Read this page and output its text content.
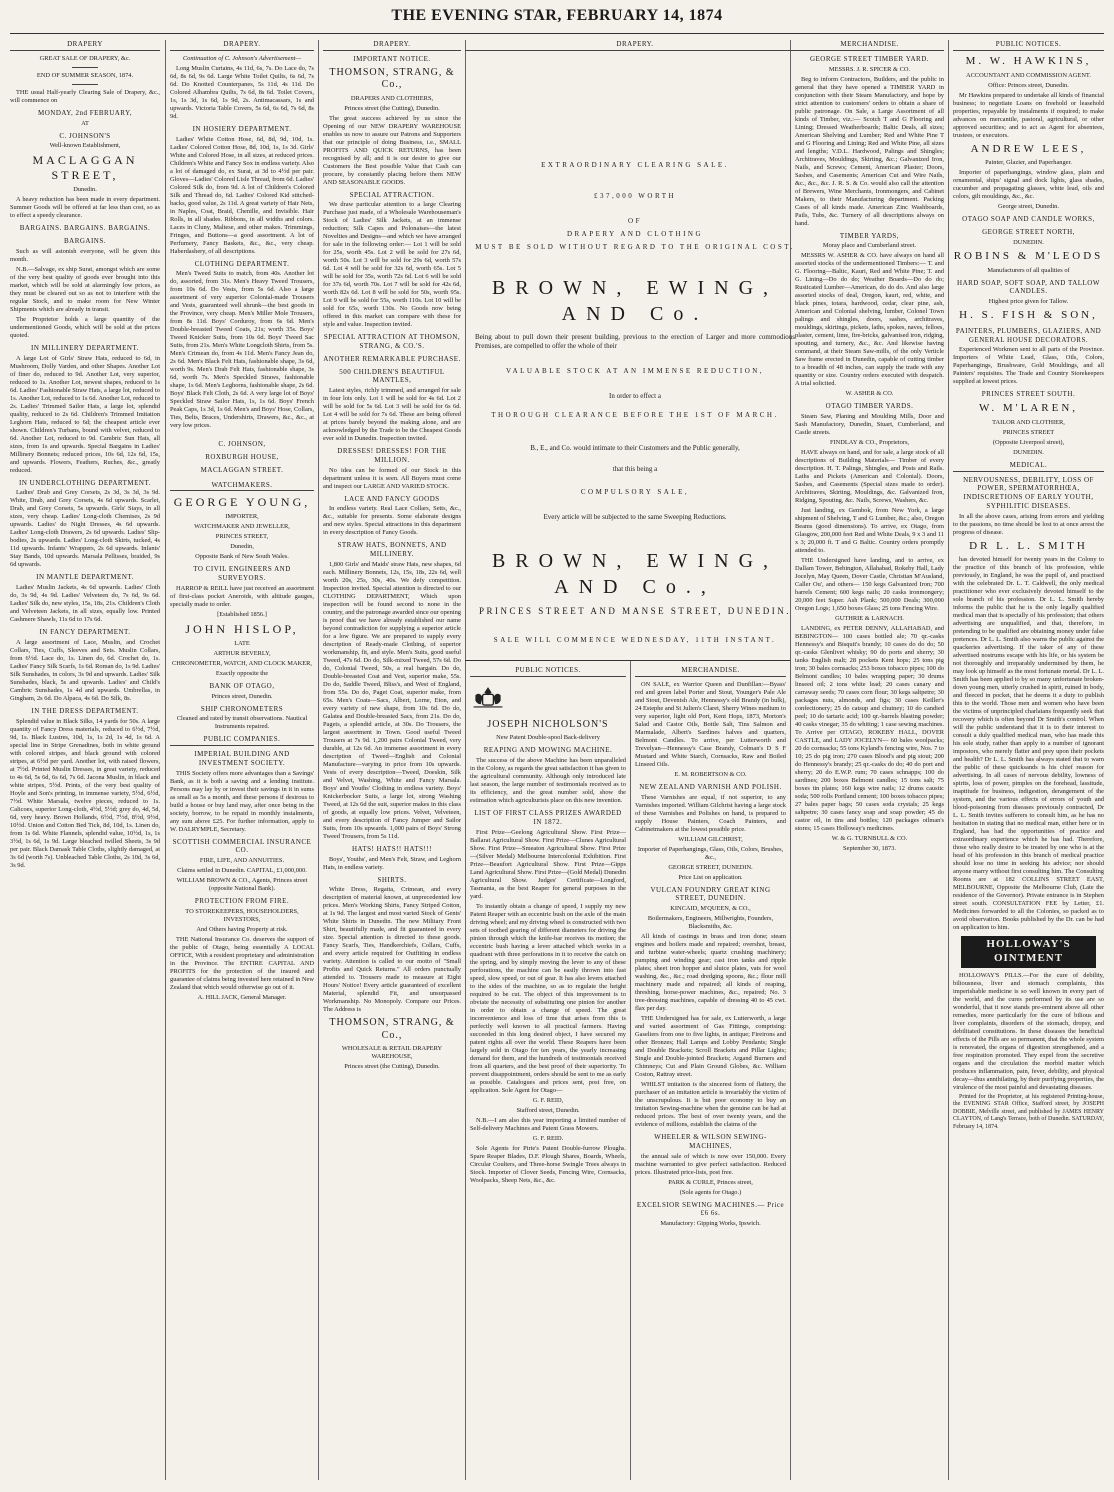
THE EVENING STAR, FEBRUARY 14, 1874
DRAPERY

GREAT SALE OF DRAPERY, &c.

END OF SUMMER SEASON, 1874.

THE usual Half-yearly Clearing Sale of Drapery, &c., will commence on

MONDAY, 2nd FEBRUARY,

AT

C. JOHNSON'S

Well-known Establishment,

MACLAGGAN STREET,

Dunedin.

A heavy reduction has been made in every department. Summer Goods will be offered at far less than cost, so as to effect a speedy clearance.

BARGAINS. BARGAINS. BARGAINS.
BARGAINS.

Such as will astonish everyone, will be given this month.

N.B.—Salvage, ex ship Surat, amongst which are some of the very best quality of goods ever brought into this market, which will be sold at alarmingly low prices, as they must be cleared out so as not to interfere with the regular Stock, and to make room for New Winter Shipments which are already in transit.

The Proprietor holds a large quantity of the undermentioned Goods, which will be sold at the prices quoted.

IN MILLINERY DEPARTMENT.

A large Lot of Girls' Straw Hats, reduced to 6d, in Mushroom, Dolly Varden, and other Shapes. Another Lot of finer do, reduced to 9d. Another Lot, very superior, reduced to 1s. Another Lot, newest shapes, reduced to 1s 6d. Ladies' Fashionable Straw Hats, a large lot, reduced to 1s. Another Lot, reduced to 1s 6d. Another Lot, reduced to 2s. Ladies' Trimmed Sailor Hats, a large lot, splendid quality, reduced to 2s 6d. Children's Trimmed Imitation Leghorn Hats, reduced to 6d; the cheapest article ever shown. Children's Turbans, bound with velvet, reduced to 6d. Another Lot, reduced to 9d. Cambric Sun Hats, all sizes, from 1s and upwards. Special Bargains in Ladies' Millinery Bonnets; reduced prices, 10s 6d, 12s 6d, 15s, and upwards. Flowers, Feathers, Ruches, &c., greatly reduced.

IN UNDERCLOTHING DEPARTMENT.

Ladies' Drab and Grey Corsets, 2s 3d, 3s 3d, 3s 9d. White, Drab, and Grey Corsets, 4s 6d upwards. Scarlet, Drab, and Grey Corsets, 5s upwards. Girls' Stays, in all sizes, very cheap. Ladies' Long-cloth Chemises, 2s 9d upwards. Ladies' do Night Dresses, 4s 6d upwards. Ladies' Long-cloth Drawers, 2s 6d upwards. Ladies' Slip-bodies, 2s upwards. Ladies' Long-cloth Skirts, tucked, 4s 11d upwards. Infants' Wrappers, 2s 6d upwards. Infants' Stay Bands, 10d upwards. Marsala Pellisses, braided, 9s 6d upwards.

IN MANTLE DEPARTMENT.

Ladies' Muslin Jackets, 4s 6d upwards. Ladies' Cloth do, 3s 9d, 4s 9d. Ladies' Velveteen do, 7s 6d, 9s 6d. Ladies' Silk do, new styles, 15s, 18s, 21s. Children's Cloth and Velveteen Jackets, in all sizes, equally low. Printed Cashmere Shawls, 11s 6d to 17s 6d.

IN FANCY DEPARTMENT.

A large assortment of Lace, Muslin, and Crochet Collars, Ties, Cuffs, Sleeves and Sets. Muslin Collars, from 6½d. Lace do, 1s. Linen do, 6d. Crochet do, 1s. Ladies' Fancy Silk Scarfs, 1s 6d. Roman do, 1s 9d. Ladies' Silk Sunshades, in colors, 3s 9d and upwards. Ladies' Silk Sunshades, black, 5s and upwards. Ladies' and Child's Cambric Sunshades, 1s 4d and upwards. Umbrellas, in Gingham, 2s 6d. Do Alpaca, 4s 6d. Do Silk, 8s.

IN THE DRESS DEPARTMENT.

Splendid value in Black Silks, 14 yards for 50s. A large quantity of Fancy Dress materials, reduced to 6½d, 7½d, 9d, 1s. Black Lustres, 10d, 1s, 1s 2d, 1s 4d, 1s 6d. A special line in Stripe Grenadines, both in white ground with colored stripes, and black ground with colored stripes, at 6½d per yard. Another lot, with raised flowers, at 7½d. Printed Muslin Dresses, in great variety, reduced to 4s 6d, 5s 6d, 6s 6d, 7s 6d. Jacona Muslin, in black and white stripes, 5½d. Prints, of the very best quality of Hoyle and Son's printing, in immense variety, 5½d, 6½d, 7½d. White Marsala, twelve pieces, reduced to 1s. Calicoes, superior Long-cloth, 4½d, 5½d; grey do, 4d, 5d, 6d, very heavy. Brown Hollands, 6½d, 7½d, 8½d, 9½d, 10½d. Union and Cotton Bed Tick, 8d, 10d, 1s. Linen do, from 1s 6d. White Flannels, splendid value, 10½d, 1s, 1s 3½d, 1s 6d, 1s 9d. Large bleached twilled Sheets, 3s 9d per pair. Black Damask Table Cloths, slightly damaged, at 3s 6d (worth 7s). Unbleached Table Cloths, 2s 10d, 3s 6d, 3s 9d.

DRAPERY.

Continuation of C. Johnson's Advertisement—

Long Muslin Curtains, 4s 11d, 6s, 7s. Do Lace do, 7s 6d, 8s 6d, 9s 6d. Large White Toilet Quilts, 6s 6d, 7s 6d. Do Knotted Counterpanes, 5s 11d, 4s 11d. Do Colored Alhambra Quilts, 7s 6d, 8s 6d. Toilet Covers, 1s, 1s 3d, 1s 6d, 1s 9d, 2s. Antimacassars, 1s and upwards. Victoria Table Covers, 5s 6d, 6s 6d, 7s 6d, 8s 9d.

IN HOSIERY DEPARTMENT.

Ladies' White Cotton Hose, 6d, 8d, 9d, 10d, 1s. Ladies' Colored Cotton Hose, 8d, 10d, 1s, 1s 3d. Girls' White and Colored Hose, in all sizes, at reduced prices. Children's White and Fancy Sox in endless variety. Also a lot of damaged do, ex Surat, at 3d to 4½d per pair. Gloves—Ladies' Colored Lisle Thread, from 6d. Ladies' Colored Silk do, from 9d. A lot of Children's Colored Silk and Thread do, 6d. Ladies' Colored Kid stitched-backs, good value, 2s 11d. A great variety of Hair Nets, in Naples, Coat, Braid, Chenille, and Invisible. Hair Rolls, in all shades. Ribbons, in all widths and colors. Laces in Cluny, Maltese, and other makes. Trimmings, Fringes, and Buttons—a good assortment. A lot of Perfumery, Fancy Baskets, &c., &c., very cheap. Haberdashery, of all descriptions.

CLOTHING DEPARTMENT.

Men's Tweed Suits to match, from 40s. Another lot do, assorted, from 31s. Men's Heavy Tweed Trousers, from 10s 6d. Do Vests, from 5s 6d. Also a large assortment of very superior Colonial-made Trousers and Vests, guaranteed well shrunk—the best goods in the Province, very cheap. Men's Miller Mole Trousers, from 8s 11d. Boys' Corduroy, from 6s 6d. Men's Double-breasted Tweed Coats, 21s; worth 35s. Boys' Tweed Knicker Suits, from 10s 6d. Boys' Tweed Sac Suits, from 21s. Men's White Longcloth Shirts, from 5s. Men's Crimean do, from 4s 11d. Men's Fancy Jean do, 2s 6d. Men's Black Felt Hats, fashionable shape, 3s 6d, worth 9s. Men's Drab Felt Hats, fashionable shape, 3s 6d, worth 7s. Men's Speckled Straws, fashionable shape, 1s 6d. Men's Leghorns, fashionable shape, 2s 6d. Boys' Black Felt Cloth, 2s 6d. A very large lot of Boys' Speckled Straw Sailor Hats, 1s, 1s 6d. Boys' French Peak Caps, 1s 3d, 1s 6d. Men's and Boys' Hose, Collars, Ties, Belts, Braces, Undershirts, Drawers, &c., &c., at very low prices.

C. JOHNSON,
ROXBURGH HOUSE,
MACLAGGAN STREET.
WATCHMAKERS.
GEORGE YOUNG,

IMPORTER,

WATCHMAKER AND JEWELLER,

PRINCES STREET,

Dunedin,

Opposite Bank of New South Wales.

TO CIVIL ENGINEERS AND SURVEYORS.

HARROP & REILL have just received an assortment of first-class pocket Aneroids, with altitude gauges, specially made to order.

[Established 1856.]

JOHN HISLOP,

LATE

ARTHUR BEVERLY,

CHRONOMETER, WATCH, AND CLOCK MAKER,

Exactly opposite the

BANK OF OTAGO,

Princes street, Dunedin.

SHIP CHRONOMETERS

Cleaned and rated by transit observations. Nautical Instruments repaired.

PUBLIC COMPANIES.
IMPERIAL BUILDING AND INVESTMENT SOCIETY.

THIS Society offers more advantages than a Savings' Bank, as it is both a saving and a lending institute. Persons may lay by or invest their savings in it in sums as small as 5s a month, and these persons if desirous to build a house or buy land may, after once being in the society, borrow, to be repaid in monthly instalments, any sum above £25. For further information, apply to W. DALRYMPLE, Secretary.

SCOTTISH COMMERCIAL INSURANCE CO.

FIRE, LIFE, AND ANNUITIES.

Claims settled in Dunedin. CAPITAL, £1,000,000.

WILLIAM BROWN & CO., Agents, Princes street (opposite National Bank).

PROTECTION FROM FIRE.

TO STOREKEEPERS, HOUSEHOLDERS, INVESTORS,

And Others having Property at risk.

THE National Insurance Co. deserves the support of the public of Otago, being essentially A LOCAL OFFICE, With a resident proprietary and administration in the Province. The ENTIRE CAPITAL AND PROFITS for the protection of the insured and guarantee of claims being invested here retained in New Zealand that which would otherwise go out of it.

A. HILL JACK, General Manager.

DRAPERY.
IMPORTANT NOTICE.
THOMSON, STRANG, & Co.,

DRAPERS AND CLOTHIERS,

Princes street (the Cutting), Dunedin.

The great success achieved by us since the Opening of our NEW DRAPERY WAREHOUSE enables us now to assure our Patrons and Supporters that our principle of doing Business, i.e., SMALL PROFITS AND QUICK RETURNS, has been recognised by all; and it is our desire to give our Customers the Best possible Value that Cash can procure, by constantly placing before them NEW AND SEASONABLE GOODS.

SPECIAL ATTRACTION.

We draw particular attention to a large Clearing Purchase just made, of a Wholesale Warehouseman's Stock of Ladies' Silk Jackets, at an immense reduction; Silk Capes and Polonaises—the latest Novelties and Designs—and which we have arranged for sale in the following order:— Lot 1 will be sold for 25s, worth 45s. Lot 2 will be sold for 27s 6d, worth 50s. Lot 3 will be sold for 29s 6d, worth 57s 6d. Lot 4 will be sold for 32s 6d, worth 65s. Lot 5 will be sold for 35s, worth 72s 6d. Lot 6 will be sold for 37s 6d, worth 70s. Lot 7 will be sold for 42s 6d, worth 82s 6d. Lot 8 will be sold for 50s, worth 95s. Lot 9 will be sold for 55s, worth 110s. Lot 10 will be sold for 65s, worth 130s. No Goods now being offered in this market can compare with these for style and value. Inspection invited.

SPECIAL ATTRACTION AT THOMSON, STRANG, & CO.'S.
ANOTHER REMARKABLE PURCHASE.
500 CHILDREN'S BEAUTIFUL MANTLES,

Latest styles, richly trimmed, and arranged for sale in four lots only. Lot 1 will be sold for 4s 6d. Lot 2 will be sold for 5s 6d. Lot 3 will be sold for 6s 6d. Lot 4 will be sold for 7s 6d. These are being offered at prices barely beyond the making alone, and are acknowledged by the Trade to be the Cheapest Goods ever sold in Dunedin. Inspection invited.

DRESSES! DRESSES! FOR THE MILLION.

No idea can be formed of our Stock in this department unless it is seen. All Buyers must come and inspect our LARGE AND VARIED STOCK.

LACE AND FANCY GOODS

In endless variety. Real Lace Collars, Setts, &c., &c., suitable for presents. Some elaborate designs and new styles. Special attractions in this department in every description of Fancy Goods.

STRAW HATS, BONNETS, AND MILLINERY.

1,800 Girls' and Maids' straw Hats, new shapes, 6d each. Millinery Bonnets, 12s, 15s, 18s, 22s 6d, well worth 20s, 25s, 30s, 40s. We defy competition. Inspection invited. Special attention is directed to our CLOTHING DEPARTMENT, Which upon inspection will be found second to none in the country, and the patronage awarded since our opening is proof that we have already established our name beyond contradiction for supplying a superior article for a low figure. We are prepared to supply every description of Ready-made Clothing, of superior workmanship, fit, and style. Men's Suits, good useful Tweed, 47s 6d. Do do, Silk-mixed Tweed, 57s 6d. Do do, Colonial Tweed, 50s, a real bargain. Do do, Double-breasted Coat and Vest, superior make, 55s. Do do, Saddle Tweed, Bliss's, and West of England, from 55s. Do do, Paget Coat, superior make, from 65s. Men's Coats—Sacs, Albert, Lorne, Eton, and every variety of new shape, from 10s 6d. Do do, Galatea and Double-breasted Sacs, from 21s. Do do, Pagets, a splendid article, at 30s. Do Trousers, the largest assortment in Town. Good useful Tweed Trousers at 7s 9d. 1,200 pairs Colonial Tweed, very durable, at 12s 6d. An immense assortment in every description of Tweed—English and Colonial Manufacture—varying in price from 10s upwards. Vests of every description—Tweed, Doeskin, Silk and Velvet, Washing, White and Fancy Marsala. Boys' and Youths' Clothing in endless variety. Boys' Knickerbocker Suits, a large lot, strong Washing Tweed, at 12s 6d the suit, superior makes in this class of goods, at equally low prices. Velvet, Velveteen, and every description of Fancy Jumper and Sailor Suits, from 10s upwards. 1,000 pairs of Boys' Strong Tweed Trousers, from 5s 11d.

HATS! HATS!! HATS!!!

Boys', Youths', and Men's Felt, Straw, and Leghorn Hats, in endless variety.

SHIRTS.

White Dress, Regatta, Crimean, and every description of material known, at unprecedented low prices. Men's Working Shirts, Fancy Striped Cotton, at 1s 9d. The largest and most varied Stock of Gents' White Shirts in Dunedin. The new Military Front Shirt, beautifully made, and fit guaranteed in every size. Special attention is directed to these goods. Fancy Scarfs, Ties, Handkerchiefs, Collars, Cuffs, and every article required for Outfitting in endless variety. Attention is called to our motto of "Small Profits and Quick Returns." All orders punctually attended to. Trousers made to measure at Eight Hours' Notice! Every article guaranteed of excellent Material, splendid Fit, and unsurpassed Workmanship. No Monopoly. Compare our Prices. The Address is

THOMSON, STRANG, & Co.,

WHOLESALE & RETAIL DRAPERY WAREHOUSE,

Princes street (the Cutting), Dunedin.

DRAPERY.
EXTRAORDINARY CLEARING SALE.
£37,000 WORTH
OF
DRAPERY AND CLOTHING
MUST BE SOLD WITHOUT REGARD TO THE ORIGINAL COST.
BROWN, EWING, AND Co.
Being about to pull down their present building, previous to the erection of Larger and more commodious Premises, are compelled to offer the whole of their
VALUABLE STOCK AT AN IMMENSE REDUCTION,
In order to effect a
THOROUGH CLEARANCE BEFORE THE 1ST OF MARCH.
B., E., and Co. would intimate to their Customers and the Public generally,
that this being a
COMPULSORY SALE,
Every article will be subjected to the same Sweeping Reductions.
BROWN, EWING, AND Co.,
PRINCES STREET AND MANSE STREET, DUNEDIN.
SALE WILL COMMENCE WEDNESDAY, 11TH INSTANT.
PUBLIC NOTICES.
JOSEPH NICHOLSON'S

New Patent Double-spool Back-delivery

REAPING AND MOWING MACHINE.

The success of the above Machine has been unparalleled in the Colony, as regards the great satisfaction it has given to the agricultural community. Although only introduced late last season, the large number of testimonials received as to its efficiency, and the great number sold, show the estimation which agriculturists place on this new invention.

LIST OF FIRST CLASS PRIZES AWARDED IN 1872.

First Prize—Geelong Agricultural Show. First Prize—Ballarat Agricultural Show. First Prize—Clunes Agricultural Show. First Prize—Smeaton Agricultural Show. First Prize—(Silver Medal) Melbourne Intercolonial Exhibition. First Prize—Beaufort Agricultural Show. First Prize—Gipps Land Agricultural Show. First Prize—(Gold Medal) Dunedin Agricultural Show. Judges' Certificate—Longford, Tasmania, as the best Reaper for general purposes in the yard.

To instantly obtain a change of speed, I supply my new Patent Reaper with an eccentric bush on the axle of the main driving wheel; and my driving wheel is constructed with two sets of toothed gearing of different diameters for driving the pinion through which the knife-bar receives its motion; the eccentric bush having a lever attached which works in a quadrant with three perforations in it to receive the catch on the spring, and by simply moving the lever to any of these perforations, the machine can be easily thrown into fast speed, slow speed, or out of gear. It has also levers attached to the sides of the machine, so as to regulate the height required to be cut. The object of this improvement is to obviate the necessity of substituting one pinion for another in order to obtain a change of speed. The great inconvenience and loss of time that arises from this is perfectly well known to all practical farmers. Having succeeded in this long desired object, I have secured my patent rights all over the world. These Reapers have been largely sold in Otago for ten years, the yearly increasing demand for them, and the hundreds of testimonials received from all quarters, and the best proof of their superiority. To prevent disappointment, orders should be sent to me as early as possible. Catalogues and prices sent, post free, on application. Sole Agent for Otago—

G. F. REID,

Stafford street, Dunedin.

N.B.—I am also this year importing a limited number of Self-delivery Machines and Patent Grass Mowers.

G. F. REID.

Sole Agents for Pirie's Patent Double-furrow Ploughs. Spare Reaper Blades, D.F. Plough Shares, Boards, Wheels, Circular Coulters, and Three-horse Swingle Trees always in Stock. Importer of Clover Seeds, Fencing Wire, Cornsacks, Woolpacks, Sheep Nets, &c., &c.

MERCHANDISE.

ON SALE, ex Warrior Queen and Dunfillan:—Byass' red and green label Porter and Stout, Younger's Pale Ale and Stout, Devenish Ale, Hennessy's old Brandy (in bulk), 24 Estephe and St Julien's Claret, Sherry Wines medium to very superior, light old Port, Kent Hops, 1873, Morton's Salad and Castor Oils, Bottle Salt, Tins Salmon and Marmalade, Albert's Sardines halves and quarters, Belmont Candles. To arrive, per Lutterworth and Trevelyan—Hennessy's Case Brandy, Colman's D S F Mustard and White Starch, Cornsacks, Raw and Boiled Linseed Oils.

E. M. ROBERTSON & CO.

NEW ZEALAND VARNISH AND POLISH.

These Varnishes are equal, if not superior, to any Varnishes imported. William Gilchrist having a large stock of these Varnishes and Polishes on hand, is prepared to supply House Painters, Coach Painters, and Cabinetmakers at the lowest possible price.

WILLIAM GILCHRIST,

Importer of Paperhangings, Glass, Oils, Colors, Brushes, &c.,

GEORGE STREET, DUNEDIN.

Price List on application.

VULCAN FOUNDRY GREAT KING STREET, DUNEDIN.

KINCAID, M'QUEEN, & CO.,

Boilermakers, Engineers, Millwrights, Founders, Blacksmiths, &c.

All kinds of castings in brass and iron done; steam engines and boilers made and repaired; overshot, breast, and turbine water-wheels; quartz crushing machinery; pumping and winding gear; cast iron tanks and ripple plates; sheet iron hopper and sluice plates, vats for wool washing, &c., &c.; road dredging spoons, &c.; flour mill machinery made and repaired; all kinds of reaping, threshing, horse-power machines, &c., repaired; No. 3 tree-dressing machines, capable of dressing 40 to 45 cwt. flax per day.

THE Undersigned has for sale, ex Lutterworth, a large and varied assortment of Gas Fittings, comprising: Gaseliers from one to five lights, in antique; Fireirons and other Bronzes; Hall Lamps and Lobby Pendants; Single and Double Brackets; Scroll Brackets and Pillar Lights; Single and Double-jointed Brackets; Argand Burners and Chimneys; Cut and Plain Ground Globes, &c. William Coston, Rattray street.

WHILST imitation is the sincerest form of flattery, the purchaser of an imitation article is invariably the victim of the unscrupulous. It is but poor economy to buy an imitation Sewing-machine when the genuine can be had at reduced prices. The best of over twenty years, and the evidence of millions, establish the claims of the

WHEELER & WILSON SEWING-MACHINES,

the annual sale of which is now over 150,000. Every machine warranted to give perfect satisfaction. Reduced prices. Illustrated price-lists, post free.

PARK & CURLE, Princes street,

(Sole agents for Otago.)

EXCELSIOR SEWING MACHINES.— Price £6 6s.

Manufactory: Gipping Works, Ipswich.

MERCHANDISE.
GEORGE STREET TIMBER YARD.

MESSRS. J. R. SPICER & CO.

Beg to inform Contractors, Builders, and the public in general that they have opened a TIMBER YARD in conjunction with their Steam Manufactory, and hope by strict attention to customers' orders to obtain a share of public patronage. On Sale, a Large Assortment of all kinds of Timber, viz.:— Scotch T and G Flooring and Lining; Dressed Weatherboards; Baltic Deals, all sizes; American Shelving and Lumber; Red and White Pine T and G Flooring and Lining; Red and White Pine, all sizes and lengths; V.D.L. Hardwood, Palings and Shingles; Architraves, Mouldings, Skirting, &c.; Galvanized Iron, Nails, and Screws; Cement, American Plaster; Doors, Sashes, and Casements; American Cut and Wire Nails, &c., &c., &c. J. R. S. & Co. would also call the attention of Brewers, Wine Merchants, Ironmongers, and Cabinet Makers, to their Manufacturing department. Packing Cases of all kinds made. American Zinc Washboards, Pails, Tubs, &c. Turnery of all descriptions always on hand.

TIMBER YARDS,

Moray place and Cumberland street.

MESSRS W. ASHER & CO. have always on hand all assorted stocks of the undermentioned Timbers:— T. and G. Flooring—Baltic, Kauri, Red and White Pine; T. and G. Lining—Do do do; Weather Boards—Do do do; Rusticated Lumber—American, do do do. And also large assorted stocks of deal, Oregon, kauri, red, white, and black pines, totara, hardwood, cedar, clear pine, ash, American and Colonial shelving, lumber, Colonel Town palings and shingles, doors, sashes, architraves, mouldings, skirtings, pickets, laths, spokes, naves, felloes, plaster, cement, lime, fire-bricks, galvanised iron, ridging, spouting, and turnery, &c., &c. And likewise having command, at their Steam Saw-mills, of the only Verticle Saw frame erected in Dunedin, capable of cutting timber to a breadth of 48 inches, can supply the trade with any quantity or size. Country orders executed with despatch. A trial solicited.

W. ASHER & CO.

OTAGO TIMBER YARDS.

Steam Saw, Planing and Moulding Mills, Door and Sash Manufactory, Dunedin, Stuart, Cumberland, and Castle streets.

FINDLAY & CO., Proprietors,

HAVE always on hand, and for sale, a large stock of all descriptions of Building Materials— Timber of every description. H. T. Palings, Shingles, and Posts and Rails. Laths and Pickets (American and Colonial). Doors, Sashes, and Casements (Special sizes made to order). Architraves, Skirting, Mouldings, &c. Galvanized Iron, Ridging, Spouting, &c. Nails, Screws, Washers, &c.

Just landing, ex Gembok, from New York, a large shipment of Shelving, T and G Lumber, &c.; also, Oregon Beams (good dimensions). To arrive, ex Otago, from Glasgow, 200,000 feet Red and White Deals, 9 x 3 and 11 x 3; 20,000 ft. T and G Baltic. Country orders promptly attended to.

THE Undersigned have landing, and to arrive, ex Dallam Tower, Bebington, Allahabad, Rokeby Hall, Lady Jocelyn, May Queen, Dover Castle, Christian M'Ausland, Caller Ou', and others— 150 kegs Galvanized Iron; 700 barrels Cement; 600 kegs nails; 20 casks ironmongery; 20,000 feet Super. Ash Plank; 500,000 Deals; 300,000 Oregon Logs; 1,650 boxes Glass; 25 tons Fencing Wire.

GUTHRIE & LARNACH.

LANDING, ex PETER DENNY, ALLAHABAD, and BEBINGTON— 100 cases bottled ale; 70 qr.-casks Hennessy's and Bisquit's brandy; 10 cases do do do; 50 qr.-casks Glenlivet whisky; 90 do ports and sherry; 30 tanks English malt; 28 pockets Kent hops; 25 tons pig iron; 30 bales cornsacks; 253 boxes tobacco pipes; 100 do Belmont candles; 10 bales wrapping paper; 30 drums linseed oil; 2 tons white lead; 20 cases canary and carraway seeds; 70 cases corn flour; 30 kegs saltpetre; 30 packages nuts, almonds, and figs; 30 cases Keiller's confectionery; 25 do catsup and chutney; 10 do candied peel; 10 do tartaric acid; 100 qr.-barrels blasting powder; 40 casks vinegar; 35 do whiting; 1 case sewing machines. To Arrive per OTAGO, ROKEBY HALL, DOVER CASTLE, and LADY JOCELYN— 60 bales woolpacks; 20 do cornsacks; 55 tons Kyland's fencing wire, Nos. 7 to 10; 25 do pig iron; 270 cases Blood's and pig stout; 200 do Hennessy's brandy; 25 qr.-casks do do; 40 do port and sherry; 20 do E.W.P. rum; 70 cases schnapps; 100 do sardines; 200 boxes Belmont candles; 15 tons salt; 75 boxes tin plates; 160 kegs wire nails; 12 drums caustic soda; 500 rolls Portland cement; 100 boxes tobacco pipes; 27 bales paper bags; 50 cases soda crystals; 25 kegs saltpetre; 30 cases fancy soap and soap powder; 45 do castor oil, in tins and bottles; 120 packages oilman's stores; 15 cases Holloway's medicines.

W. & G. TURNBULL & CO.

September 30, 1873.

PUBLIC NOTICES.
M. W. HAWKINS,

ACCOUNTANT AND COMMISSION AGENT.

Office: Princes street, Dunedin.

Mr Hawkins prepared to undertake all kinds of financial business; to negotiate Loans on freehold or leasehold properties, repayable by instalments if required; to make advances on mercantile, pastoral, agricultural, or other approved securities; and to act as Agent for absentees, trustees, or executors.

ANDREW LEES,

Painter, Glazier, and Paperhanger.

Importer of paperhangings, window glass, plain and ornamental, ships' signal and dock lights, glass shades, cucumber and propagating glasses, white lead, oils and colors, gilt mouldings, &c., &c.

George street, Dunedin.

OTAGO SOAP AND CANDLE WORKS,
GEORGE STREET NORTH,

DUNEDIN.

ROBINS & M'LEODS

Manufacturers of all qualities of

HARD SOAP, SOFT SOAP, AND TALLOW CANDLES.

Highest price given for Tallow.

H. S. FISH & SON,
PAINTERS, PLUMBERS, GLAZIERS, AND GENERAL HOUSE DECORATORS.

Experienced Workmen sent to all parts of the Province. Importers of White Lead, Glass, Oils, Colors, Paperhangings, Brushware, Gold Mouldings, and all Painters' requisites. The Trade and Country Storekeepers supplied at lowest prices.

PRINCES STREET SOUTH.
W. M'LAREN,

TAILOR AND CLOTHIER,

PRINCES STREET

(Opposite Liverpool street),

DUNEDIN.

MEDICAL.
NERVOUSNESS, DEBILITY, LOSS OF POWER, SPERMATORRHŒA, INDISCRETIONS OF EARLY YOUTH, SYPHILITIC DISEASES.

In all the above cases, arising from errors and yielding to the passions, no time should be lost to at once arrest the progress of disease.

DR L. L. SMITH

has devoted himself for twenty years in the Colony to the practice of this branch of his profession, while previously, in England, he was the pupil of, and practised with the celebrated Dr. L. T. Caldwell, the only medical practitioner who ever exclusively devoted himself to the sole branch of his profession. Dr L. L. Smith hereby informs the public that he is the only legally qualified medical man that is specially of his profession; that others advertising are unqualified, and that, therefore, in pretending to be qualified are obtaining money under false pretences. Dr L. L. Smith also warns the public against the quackeries advertising. If the taker of any of these advertised nostrums escape with his life, or his system be not thoroughly and irreparably undermined by them, he may look up himself as the most fortunate mortal. Dr L. L. Smith has been applied to by so many unfortunate broken-down young men, utterly crushed in spirit, ruined in body, and fleeced in pocket, that he deems it a duty to publish this to the world. Those men and women who have been the victims of unprincipled charlatans frequently seek that recovery which is often beyond Dr Smith's control. When will the public understand that it is to their interest to consult a duly qualified medical man, who has made this his sole study, rather than apply to a number of ignorant impostors, who merely flatter and prey upon their pockets and health? Dr L. L. Smith has always stated that to warn the public of these quicksands is his chief reason for advertising. In all cases of nervous debility, lowness of spirits, loss of power, pimples on the forehead, lassitude, inaptitude for business, indigestion, derangement of the system, and the various effects of errors of youth and blood-poisoning from diseases previously contracted, Dr L. L. Smith invites sufferers to consult him, as he has no hesitation in stating that no medical man, either here or in England, has had the opportunities of practice and extraordinary experience which he has had. Therefore, those who really desire to be treated by one who is at the head of his profession in this branch of medical practice should lose no time in seeking his advice; nor should anyone marry without first consulting him. The Consulting Rooms are at 182 COLLINS STREET EAST, MELBOURNE, Opposite the Melbourne Club, (Late the residence of the Governor). Private entrance is in Stephen street south. CONSULTATION FEE by Letter, £1. Medicines forwarded to all the Colonies, so packed as to avoid observation. Books published by the Dr. can be had on application to him.

HOLLOWAY'S OINTMENT

HOLLOWAY'S PILLS.—For the cure of debility, biliousness, liver and stomach complaints, this imperishable medicine is so well known in every part of the world, and the cures performed by its use are so wonderful, that it now stands pre-eminent above all other remedies, more particularly for the cure of bilious and liver complaints, disorders of the stomach, dropsy, and debilitated constitutions. In these diseases the beneficial effects of the Pills are so permanent, that the whole system is renovated, the organs of digestion strengthened, and a free respiration promoted. They expel from the secretive organs and the circulation the morbid matter which produces inflammation, pain, fever, debility, and physical decay—thus annihilating, by their purifying properties, the virulence of the most painful and devastating diseases.

Printed for the Proprietor, at his registered Printing-house, the EVENING STAR Office, Stafford street, by JOSEPH DOBBIE, Melville street, and published by JAMES HENRY CLAYTON, of Lang's Terrace, both of Dunedin. SATURDAY, February 14, 1874.
